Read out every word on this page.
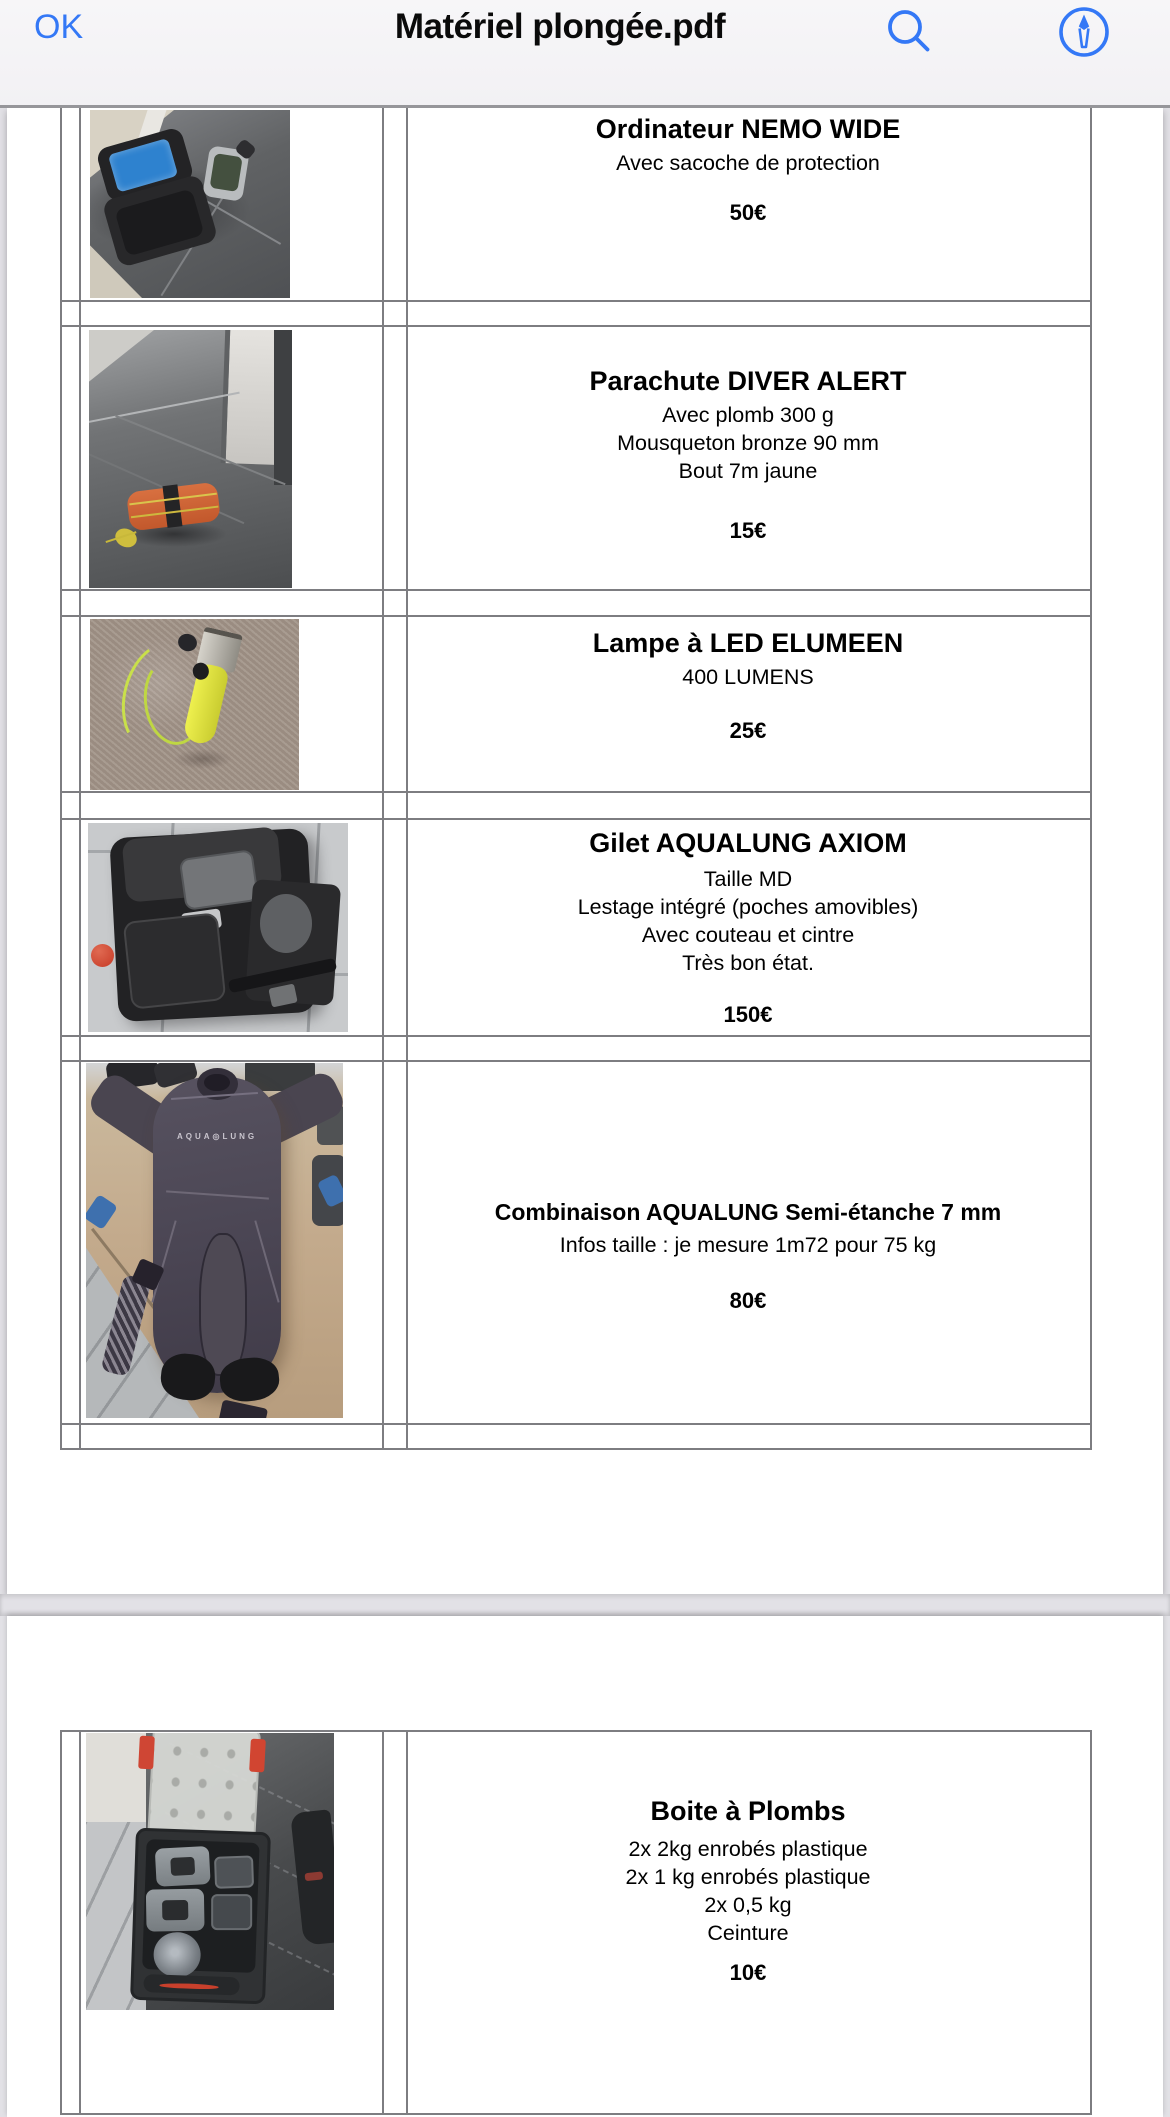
Ordinateur NEMO WIDE
Avec sacoche de protection
50€
Parachute DIVER ALERT
Avec plomb 300 g
Mousqueton bronze 90 mm
Bout 7m jaune
15€
Lampe à LED ELUMEEN
400 LUMENS
25€
Gilet AQUALUNG AXIOM
Taille MD
Lestage intégré (poches amovibles)
Avec couteau et cintre
Très bon état.
150€
Combinaison AQUALUNG Semi-étanche 7 mm
Infos taille : je mesure 1m72 pour 75 kg
80€
Boite à Plombs
2x 2kg enrobés plastique
2x 1 kg enrobés plastique
2x 0,5 kg
Ceinture
10€
AQUA◎LUNG
OK	Matériel plongée.pdf
